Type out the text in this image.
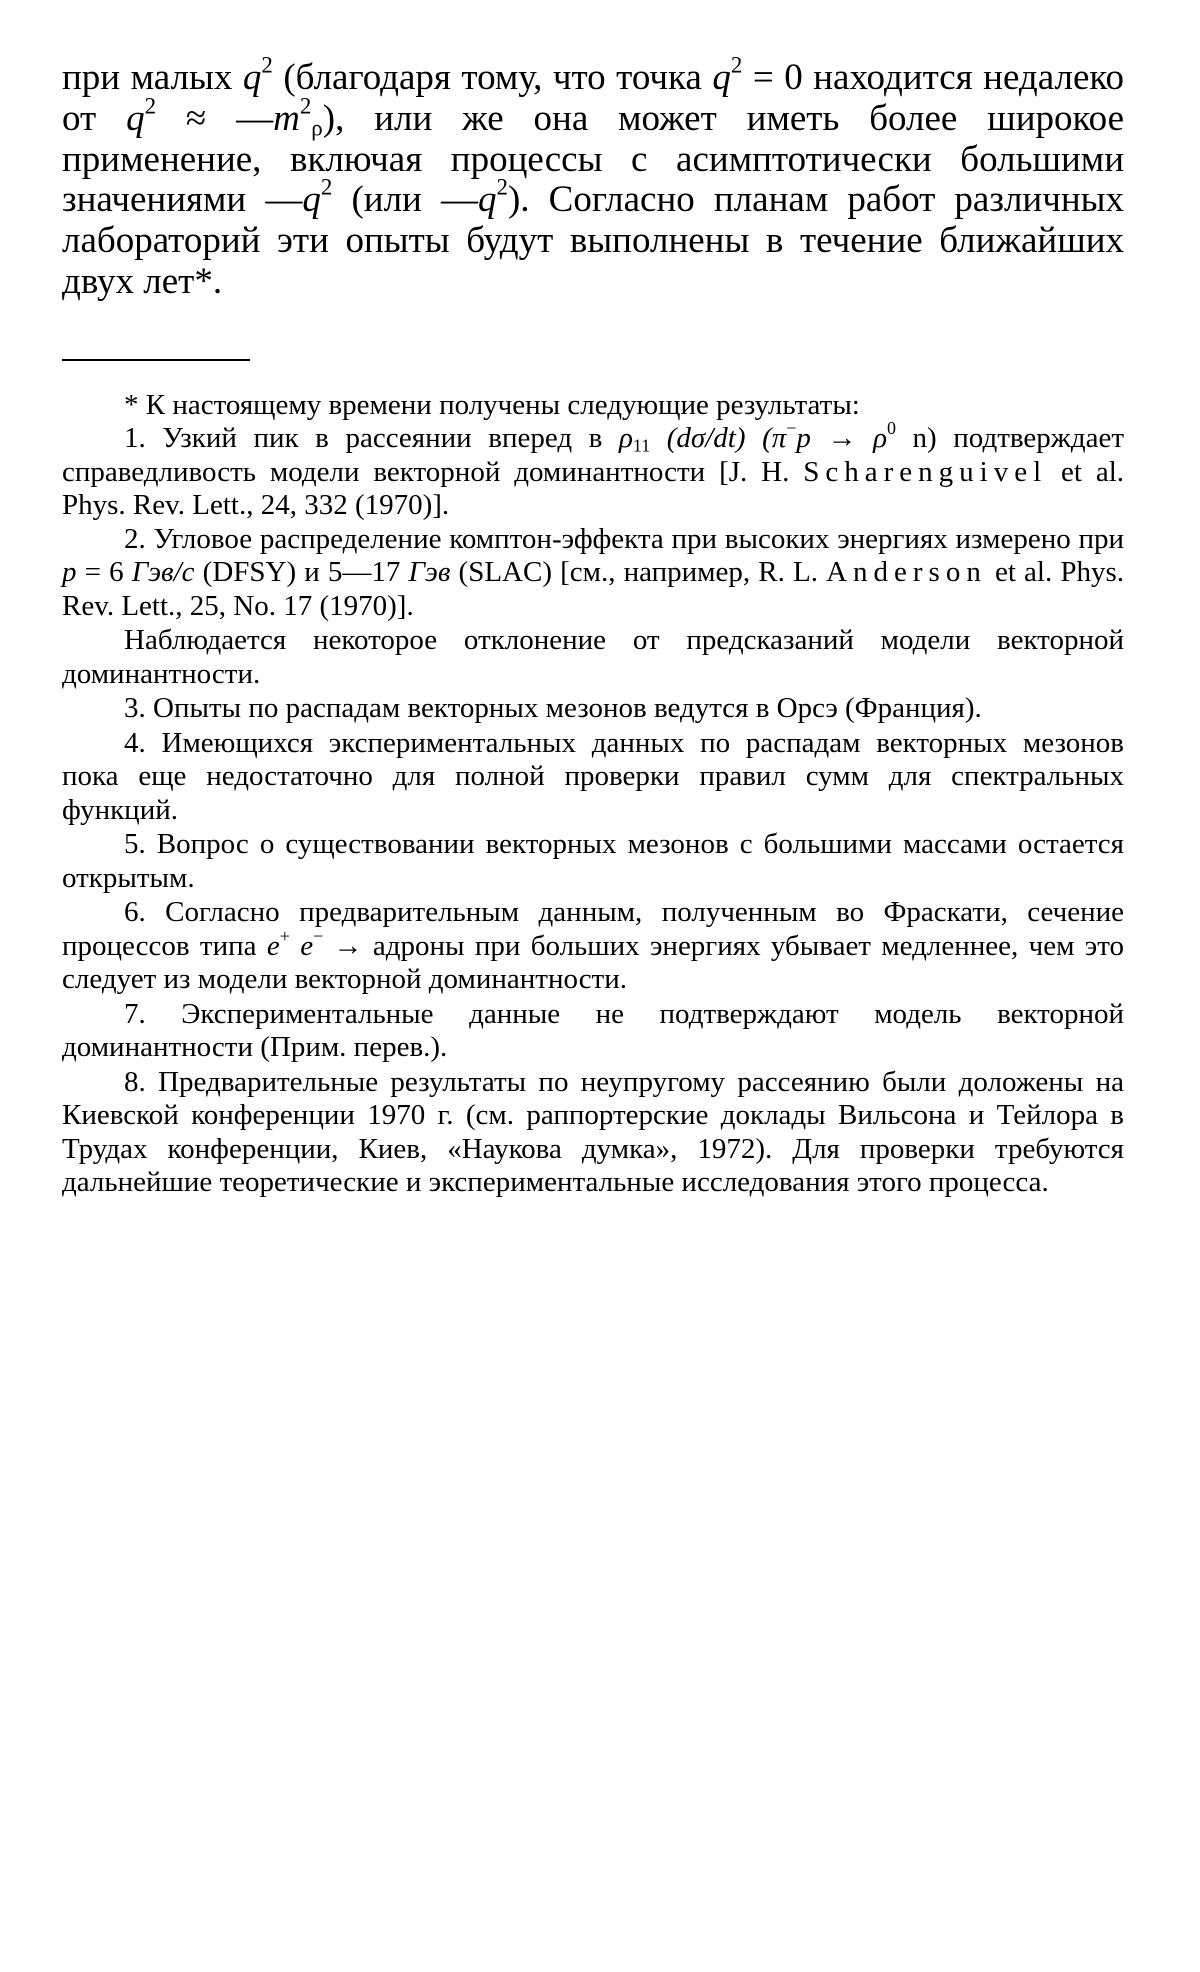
при малых $q^2$ (благодаря тому, что точка $q^2 = 0$ находится недалеко от $q^2$ ≈ $—m^2_\rho$), или же она может иметь более широкое применение, включая процессы с асимптотически большими значениями $—q^2$ (или $—q^2$). Согласно планам работ различных лабораторий эти опыты будут выполнены в течение ближайших двух лет*.

* К настоящему времени получены следующие результаты:

1. Узкий пик в рассеянии вперед в $\rho_{11}$ (dσ/dt) ($\pi^-p \to \rho^0$ n) подтверждает справедливость модели векторной доминантности [J. H. Scharenguivel et al. Phys. Rev. Lett., 24, 332 (1970)].

2. Угловое распределение комптон-эффекта при высоких энергиях измерено при p = 6 Гэв/с (DFSY) и 5—17 Гэв (SLAC) [см., например, R. L. Anderson et al. Phys. Rev. Lett., 25, No. 17 (1970)].

Наблюдается некоторое отклонение от предсказаний модели векторной доминантности.

3. Опыты по распадам векторных мезонов ведутся в Орсэ (Франция).

4. Имеющихся экспериментальных данных по распадам векторных мезонов пока еще недостаточно для полной проверки правил сумм для спектральных функций.

5. Вопрос о существовании векторных мезонов с большими массами остается открытым.

6. Согласно предварительным данным, полученным во Фраскати, сечение процессов типа e+ e− → адроны при больших энергиях убывает медленнее, чем это следует из модели векторной доминантности.

7. Экспериментальные данные не подтверждают модель векторной доминантности (Прим. перев.).

8. Предварительные результаты по неупругому рассеянию были доложены на Киевской конференции 1970 г. (см. раппортерские доклады Вильсона и Тейлора в Трудах конференции, Киев, «Наукова думка», 1972). Для проверки требуются дальнейшие теоретические и экспериментальные исследования этого процесса.
